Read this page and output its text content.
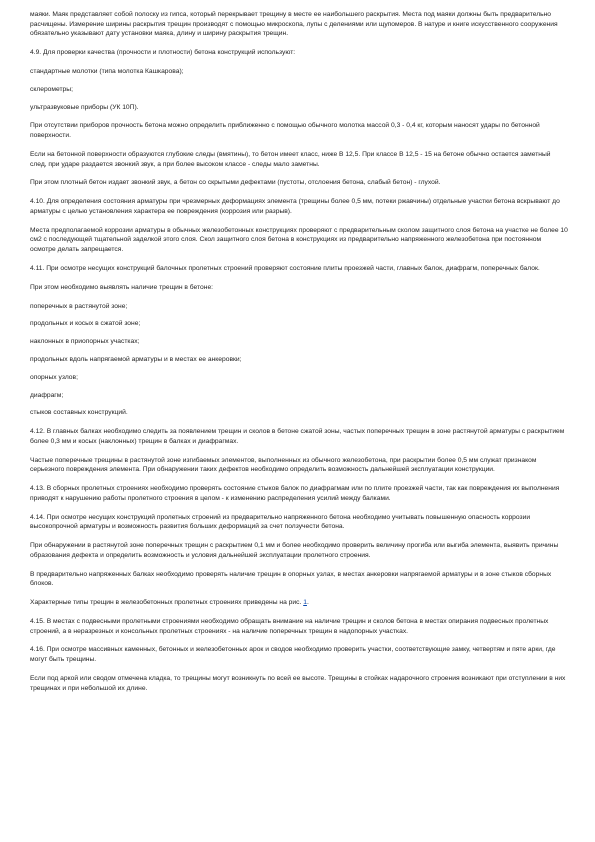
маяки. Маяк представляет собой полоску из гипса, который перекрывает трещину в месте ее наибольшего раскрытия. Места под маяки должны быть предварительно расчищены. Измерение ширины раскрытия трещин производят с помощью микроскопа, лупы с делениями или щупомеров. В натуре и книге искусственного сооружения обязательно указывают дату установки маяка, длину и ширину раскрытия трещин.

4.9. Для проверки качества (прочности и плотности) бетона конструкций используют:

стандартные молотки (типа молотка Кашкарова);

склерометры;

ультразвуковые приборы (УК 10П).

При отсутствии приборов прочность бетона можно определить приближенно с помощью обычного молотка массой 0,3 - 0,4 кг, которым наносят удары по бетонной поверхности.

Если на бетонной поверхности образуются глубокие следы (вмятины), то бетон имеет класс, ниже В 12,5. При классе В 12,5 - 15 на бетоне обычно остается заметный след, при ударе раздается звонкий звук, а при более высоком классе - следы мало заметны.

При этом плотный бетон издает звонкий звук, а бетон со скрытыми дефектами (пустоты, отслоения бетона, слабый бетон) - глухой.

4.10. Для определения состояния арматуры при чрезмерных деформациях элемента (трещины более 0,5 мм, потеки ржавчины) отдельные участки бетона вскрывают до арматуры с целью установления характера ее повреждения (коррозия или разрыв).

Места предполагаемой коррозии арматуры в обычных железобетонных конструкциях проверяют с предварительным сколом защитного слоя бетона на участке не более 10 см2 с последующей тщательной заделкой этого слоя. Скол защитного слоя бетона в конструкциях из предварительно напряженного железобетона при постоянном осмотре делать запрещается.

4.11. При осмотре несущих конструкций балочных пролетных строений проверяют состояние плиты проезжей части, главных балок, диафрагм, поперечных балок.

При этом необходимо выявлять наличие трещин в бетоне:

поперечных в растянутой зоне;

продольных и косых в сжатой зоне;

наклонных в приопорных участках;

продольных вдоль напрягаемой арматуры и в местах ее анкеровки;

опорных узлов;

диафрагм;

стыков составных конструкций.

4.12. В главных балках необходимо следить за появлением трещин и сколов в бетоне сжатой зоны, частых поперечных трещин в зоне растянутой арматуры с раскрытием более 0,3 мм и косых (наклонных) трещин в балках и диафрагмах.

Частые поперечные трещины в растянутой зоне изгибаемых элементов, выполненных из обычного железобетона, при раскрытии более 0,5 мм служат признаком серьезного повреждения элемента. При обнаружении таких дефектов необходимо определить возможность дальнейшей эксплуатации конструкции.

4.13. В сборных пролетных строениях необходимо проверять состояние стыков балок по диафрагмам или по плите проезжей части, так как повреждения их выполнения приводят к нарушению работы пролетного строения в целом - к изменению распределения усилий между балками.

4.14. При осмотре несущих конструкций пролетных строений из предварительно напряженного бетона необходимо учитывать повышенную опасность коррозии высокопрочной арматуры и возможность развития больших деформаций за счет ползучести бетона.

При обнаружении в растянутой зоне поперечных трещин с раскрытием 0,1 мм и более необходимо проверить величину прогиба или выгиба элемента, выявить причины образования дефекта и определить возможность и условия дальнейшей эксплуатации пролетного строения.

В предварительно напряженных балках необходимо проверять наличие трещин в опорных узлах, в местах анкеровки напрягаемой арматуры и в зоне стыков сборных блоков.

Характерные типы трещин в железобетонных пролетных строениях приведены на рис. 1.

4.15. В местах с подвесными пролетными строениями необходимо обращать внимание на наличие трещин и сколов бетона в местах опирания подвесных пролетных строений, а в неразрезных и консольных пролетных строениях - на наличие поперечных трещин в надопорных участках.

4.16. При осмотре массивных каменных, бетонных и железобетонных арок и сводов необходимо проверить участки, соответствующие замку, четвертям и пяте арки, где могут быть трещины.

Если под аркой или сводом отмечена кладка, то трещины могут возникнуть по всей ее высоте. Трещины в стойках надарочного строения возникают при отступлении в них трещинах и при небольшой их длине.
